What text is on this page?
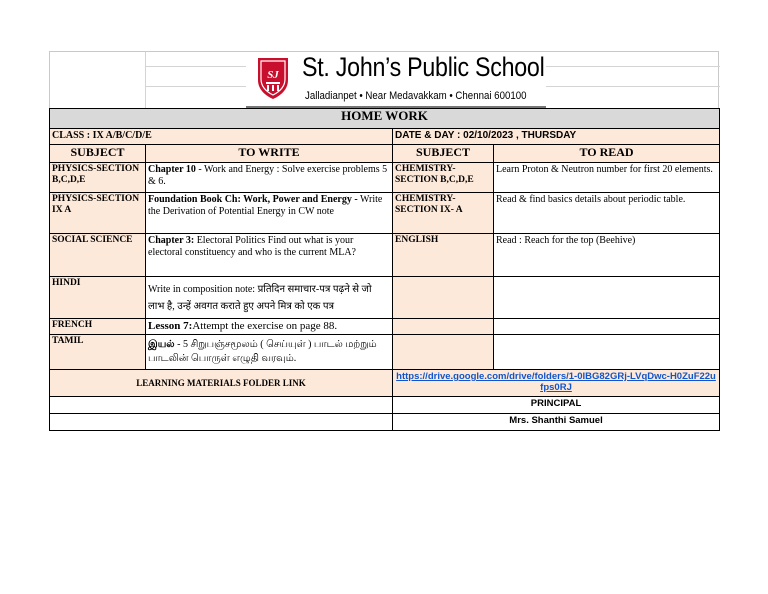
SJ St. John’s Public School
Jalladianpet • Near Medavakkam • Chennai 600100
HOME WORK			
CLASS : IX A/B/C/D/E		DATE & DAY : 02/10/2023 , THURSDAY	
SUBJECT	TO WRITE	SUBJECT	TO READ
PHYSICS-SECTION B,C,D,E	Chapter 10 - Work and Energy : Solve exercise problems 5 & 6.	CHEMISTRY-SECTION B,C,D,E	Learn Proton & Neutron number for first 20 elements.
PHYSICS-SECTION IX A	Foundation Book Ch: Work, Power and Energy - Write the Derivation of Potential Energy in CW note	CHEMISTRY-SECTION IX- A	Read & find basics details about periodic table.
SOCIAL SCIENCE	Chapter 3: Electoral Politics Find out what is your electoral constituency and who is the current MLA?	ENGLISH	Read : Reach for the top (Beehive)
HINDI	Write in composition note: प्रतिदिन समाचार-पत्र पढ़ने से जो लाभ है, उन्हें अवगत कराते हुए अपने मित्र को एक पत्र		

FRENCH	Lesson 7:Attempt the exercise on page 88.		
TAMIL	இயல் - 5 சிறுபஞ்சமூலம் ( செய்யுள் ) பாடல் மற்றும் பாடலின் பொருள் எழுதி வரவும்.		
LEARNING MATERIALS FOLDER LINK		https://drive.google.com/drive/folders/1-0IBG82GRj-LVqDwc-H0ZuF22ufps0RJ	
		PRINCIPAL	
		Mrs. Shanthi Samuel	
